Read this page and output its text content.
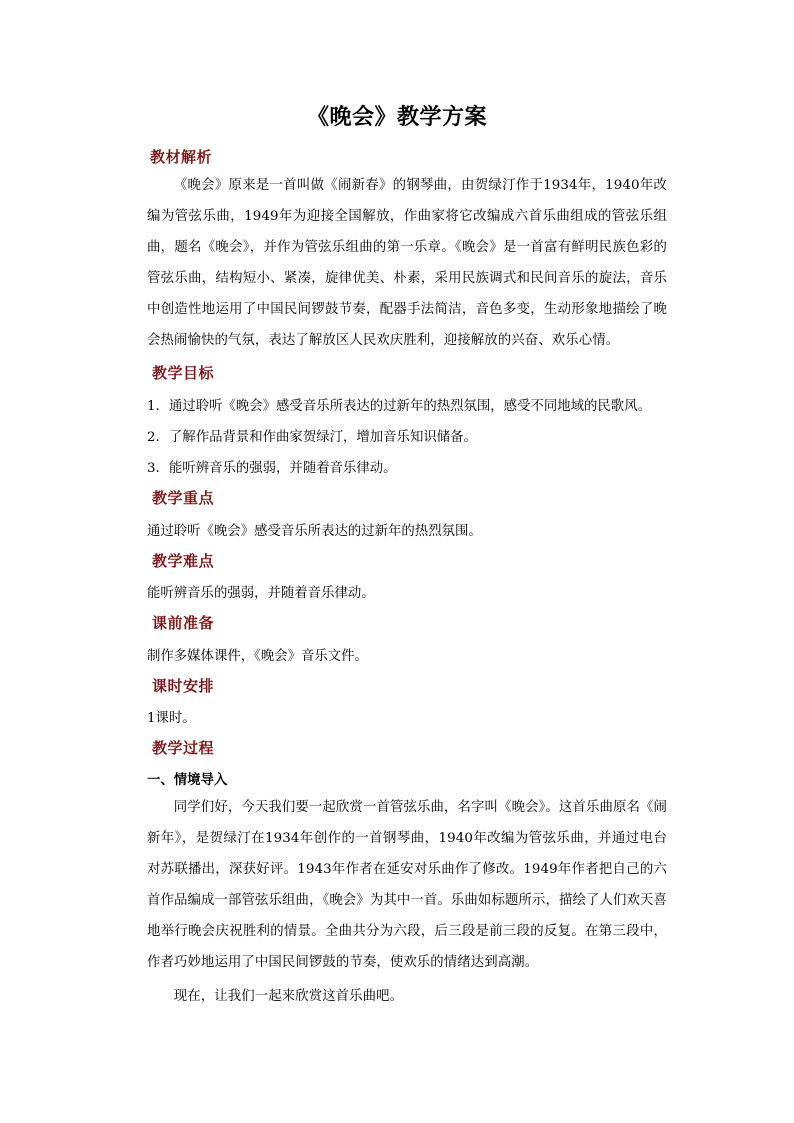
《晚会》教学方案
教材解析
《晚会》原来是一首叫做《闹新春》的钢琴曲，由贺绿汀作于1934年，1940年改编为管弦乐曲，1949年为迎接全国解放，作曲家将它改编成六首乐曲组成的管弦乐组曲，题名《晚会》，并作为管弦乐组曲的第一乐章。《晚会》是一首富有鲜明民族色彩的管弦乐曲，结构短小、紧凑，旋律优美、朴素，采用民族调式和民间音乐的旋法，音乐中创造性地运用了中国民间锣鼓节奏，配器手法简洁，音色多变，生动形象地描绘了晚会热闹愉快的气氛，表达了解放区人民欢庆胜利，迎接解放的兴奋、欢乐心情。
教学目标
1．通过聆听《晚会》感受音乐所表达的过新年的热烈氛围，感受不同地域的民歌风。
2．了解作品背景和作曲家贺绿汀，增加音乐知识储备。
3．能听辨音乐的强弱，并随着音乐律动。
教学重点
通过聆听《晚会》感受音乐所表达的过新年的热烈氛围。
教学难点
能听辨音乐的强弱，并随着音乐律动。
课前准备
制作多媒体课件，《晚会》音乐文件。
课时安排
1课时。
教学过程
一、情境导入
同学们好，今天我们要一起欣赏一首管弦乐曲，名字叫《晚会》。这首乐曲原名《闹新年》，是贺绿汀在1934年创作的一首钢琴曲，1940年改编为管弦乐曲，并通过电台对苏联播出，深获好评。1943年作者在延安对乐曲作了修改。1949年作者把自己的六首作品编成一部管弦乐组曲，《晚会》为其中一首。乐曲如标题所示，描绘了人们欢天喜地举行晚会庆祝胜利的情景。全曲共分为六段，后三段是前三段的反复。在第三段中，作者巧妙地运用了中国民间锣鼓的节奏，使欢乐的情绪达到高潮。
现在，让我们一起来欣赏这首乐曲吧。
